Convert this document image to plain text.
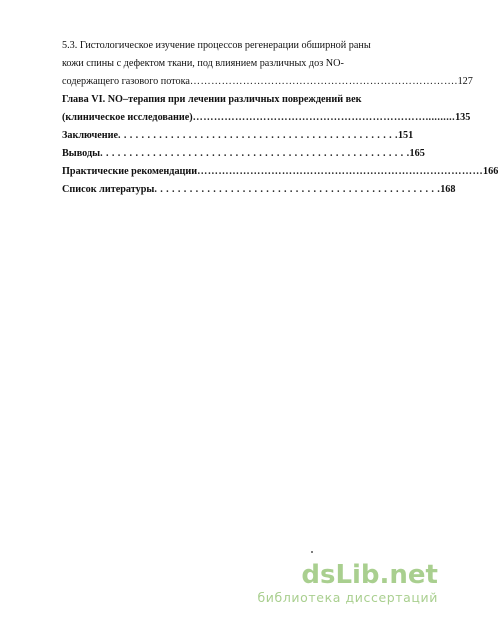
5.3. Гистологическое изучение процессов регенерации обширной раны
кожи спины с дефектом ткани, под влиянием различных доз NO-
содержащего газового потока …………………………………………………………………. 127
Глава VI. NO–терапия при лечении различных повреждений век
(клиническое исследование) ………………………………………………………….......... 135
Заключение . . . . . . . . . . . . . . . . . . . . . . . . . . . . . . . . . . . . . . . . . . . . . . . . 151
Выводы . . . . . . . . . . . . . . . . . . . . . . . . . . . . . . . . . . . . . . . . . . . . . . . . . . . . . 165
Практические рекомендации ……………………………………………………………………… 166
Список литературы . . . . . . . . . . . . . . . . . . . . . . . . . . . . . . . . . . . . . . . . . . . . . . . . . 168
dsLib.net
библиотека диссертаций
